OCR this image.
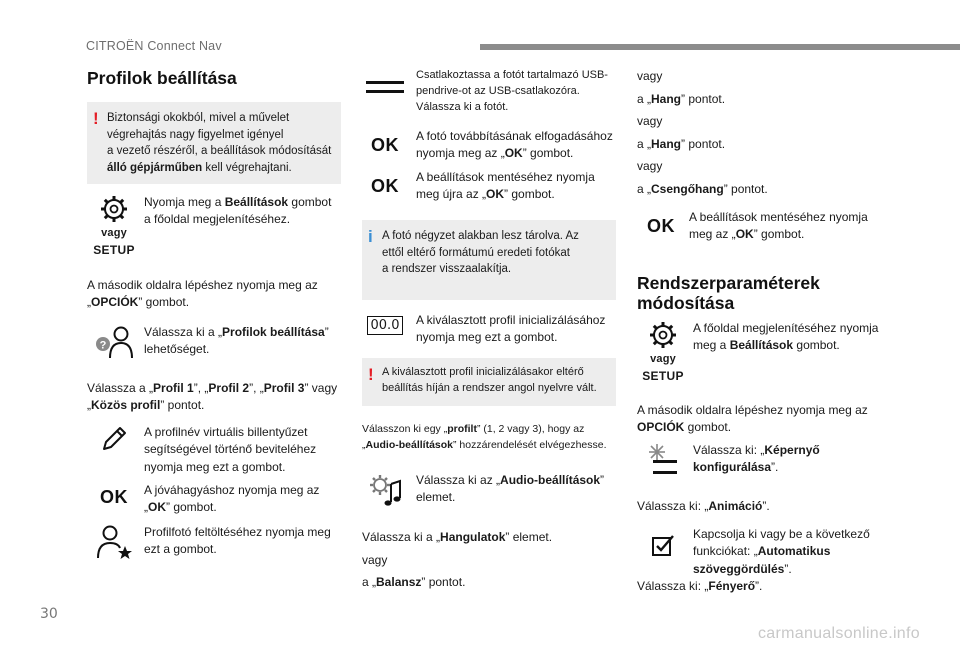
CITROËN Connect Nav
Profilok beállítása
! Biztonsági okokból, mivel a művelet
végrehajtás nagy figyelmet igényel
a vezető részéről, a beállítások módosítását
álló gépjárműben kell végrehajtani.
vagy
SETUP
Nyomja meg a Beállítások gombot
a főoldal megjelenítéséhez.
A második oldalra lépéshez nyomja meg az
„OPCIÓK” gombot.
?
Válassza ki a „Profilok beállítása”
lehetőséget.
Válassza a „Profil 1”, „Profil 2”, „Profil 3” vagy
„Közös profil” pontot.
A profilnév virtuális billentyűzet
segítségével történő beviteléhez
nyomja meg ezt a gombot.
OK A jóváhagyáshoz nyomja meg az
„OK” gombot.
Profilfotó feltöltéséhez nyomja meg
ezt a gombot.
Csatlakoztassa a fotót tartalmazó USB-
pendrive-ot az USB-csatlakozóra.
Válassza ki a fotót.
OK A fotó továbbításának elfogadásához
nyomja meg az „OK” gombot.
OK A beállítások mentéséhez nyomja
meg újra az „OK” gombot.
i A fotó négyzet alakban lesz tárolva. Az
ettől eltérő formátumú eredeti fotókat
a rendszer visszaalakítja.
00.0	A kiválasztott profil inicializálásához
nyomja meg ezt a gombot.
! A kiválasztott profil inicializálásakor eltérő
beállítás híján a rendszer angol nyelvre vált.
Válasszon ki egy „profilt” (1, 2 vagy 3), hogy az
„Audio-beállítások” hozzárendelését elvégezhesse.
Válassza ki az „Audio-beállítások”
elemet.
Válassza ki a „Hangulatok” elemet.
vagy
a „Balansz” pontot.
vagy
a „Hang” pontot.
vagy
a „Hang” pontot.
vagy
a „Csengőhang” pontot.
OK A beállítások mentéséhez nyomja
meg az „OK” gombot.
Rendszerparaméterek
módosítása
vagy
SETUP
A főoldal megjelenítéséhez nyomja
meg a Beállítások gombot.
A második oldalra lépéshez nyomja meg az
OPCIÓK gombot.
Válassza ki: „Képernyő
konfigurálása”.
Válassza ki: „Animáció”.
Kapcsolja ki vagy be a következő
funkciókat: „Automatikus
szöveggördülés”.
Válassza ki: „Fényerő”.
30
carmanualsonline.info
